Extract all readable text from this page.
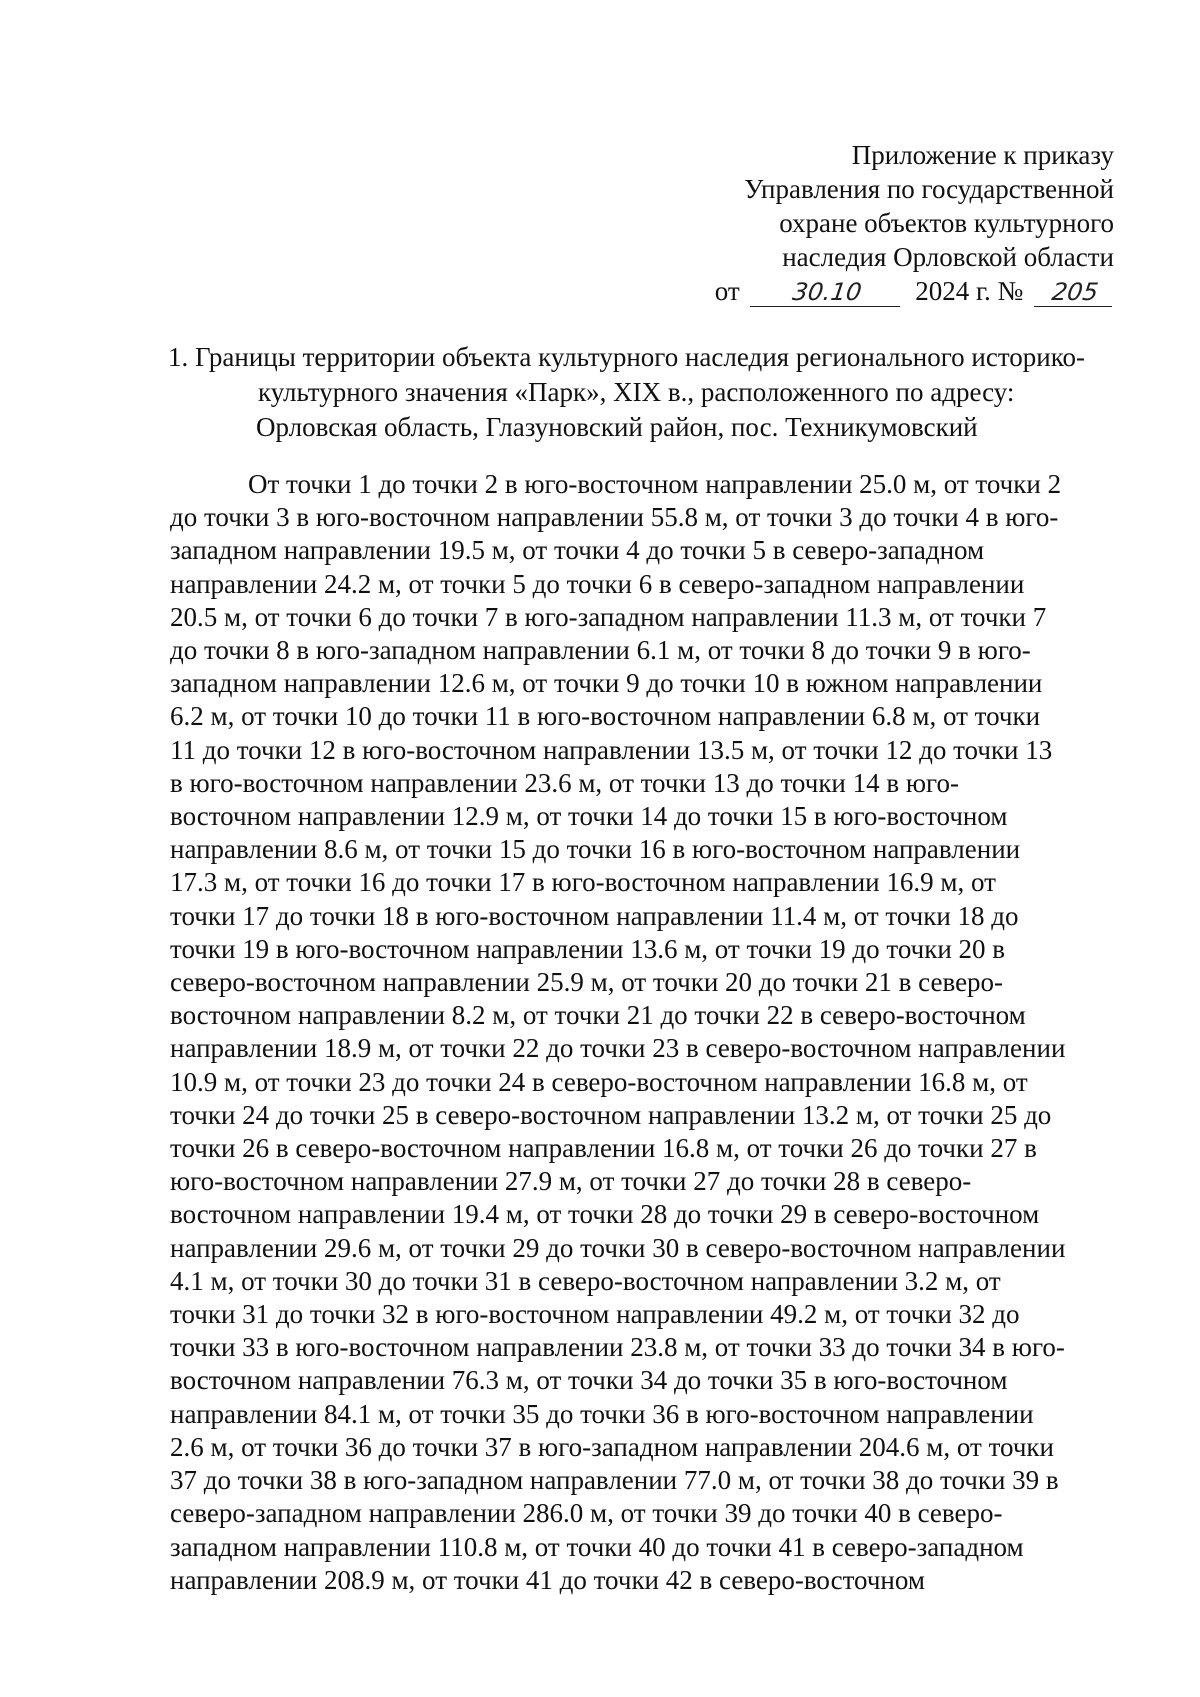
Приложение к приказу
Управления по государственной
охране объектов культурного
наследия Орловской области
от 30.10 2024 г. № 205
1. Границы территории объекта культурного наследия регионального историко-
культурного значения «Парк», XIX в., расположенного по адресу:
Орловская область, Глазуновский район, пос. Техникумовский
От точки 1 до точки 2 в юго-восточном направлении 25.0 м, от точки 2
до точки 3 в юго-восточном направлении 55.8 м, от точки 3 до точки 4 в юго-
западном направлении 19.5 м, от точки 4 до точки 5 в северо-западном
направлении 24.2 м, от точки 5 до точки 6 в северо-западном направлении
20.5 м, от точки 6 до точки 7 в юго-западном направлении 11.3 м, от точки 7
до точки 8 в юго-западном направлении 6.1 м, от точки 8 до точки 9 в юго-
западном направлении 12.6 м, от точки 9 до точки 10 в южном направлении
6.2 м, от точки 10 до точки 11 в юго-восточном направлении 6.8 м, от точки
11 до точки 12 в юго-восточном направлении 13.5 м, от точки 12 до точки 13
в юго-восточном направлении 23.6 м, от точки 13 до точки 14 в юго-
восточном направлении 12.9 м, от точки 14 до точки 15 в юго-восточном
направлении 8.6 м, от точки 15 до точки 16 в юго-восточном направлении
17.3 м, от точки 16 до точки 17 в юго-восточном направлении 16.9 м, от
точки 17 до точки 18 в юго-восточном направлении 11.4 м, от точки 18 до
точки 19 в юго-восточном направлении 13.6 м, от точки 19 до точки 20 в
северо-восточном направлении 25.9 м, от точки 20 до точки 21 в северо-
восточном направлении 8.2 м, от точки 21 до точки 22 в северо-восточном
направлении 18.9 м, от точки 22 до точки 23 в северо-восточном направлении
10.9 м, от точки 23 до точки 24 в северо-восточном направлении 16.8 м, от
точки 24 до точки 25 в северо-восточном направлении 13.2 м, от точки 25 до
точки 26 в северо-восточном направлении 16.8 м, от точки 26 до точки 27 в
юго-восточном направлении 27.9 м, от точки 27 до точки 28 в северо-
восточном направлении 19.4 м, от точки 28 до точки 29 в северо-восточном
направлении 29.6 м, от точки 29 до точки 30 в северо-восточном направлении
4.1 м, от точки 30 до точки 31 в северо-восточном направлении 3.2 м, от
точки 31 до точки 32 в юго-восточном направлении 49.2 м, от точки 32 до
точки 33 в юго-восточном направлении 23.8 м, от точки 33 до точки 34 в юго-
восточном направлении 76.3 м, от точки 34 до точки 35 в юго-восточном
направлении 84.1 м, от точки 35 до точки 36 в юго-восточном направлении
2.6 м, от точки 36 до точки 37 в юго-западном направлении 204.6 м, от точки
37 до точки 38 в юго-западном направлении 77.0 м, от точки 38 до точки 39 в
северо-западном направлении 286.0 м, от точки 39 до точки 40 в северо-
западном направлении 110.8 м, от точки 40 до точки 41 в северо-западном
направлении 208.9 м, от точки 41 до точки 42 в северо-восточном
